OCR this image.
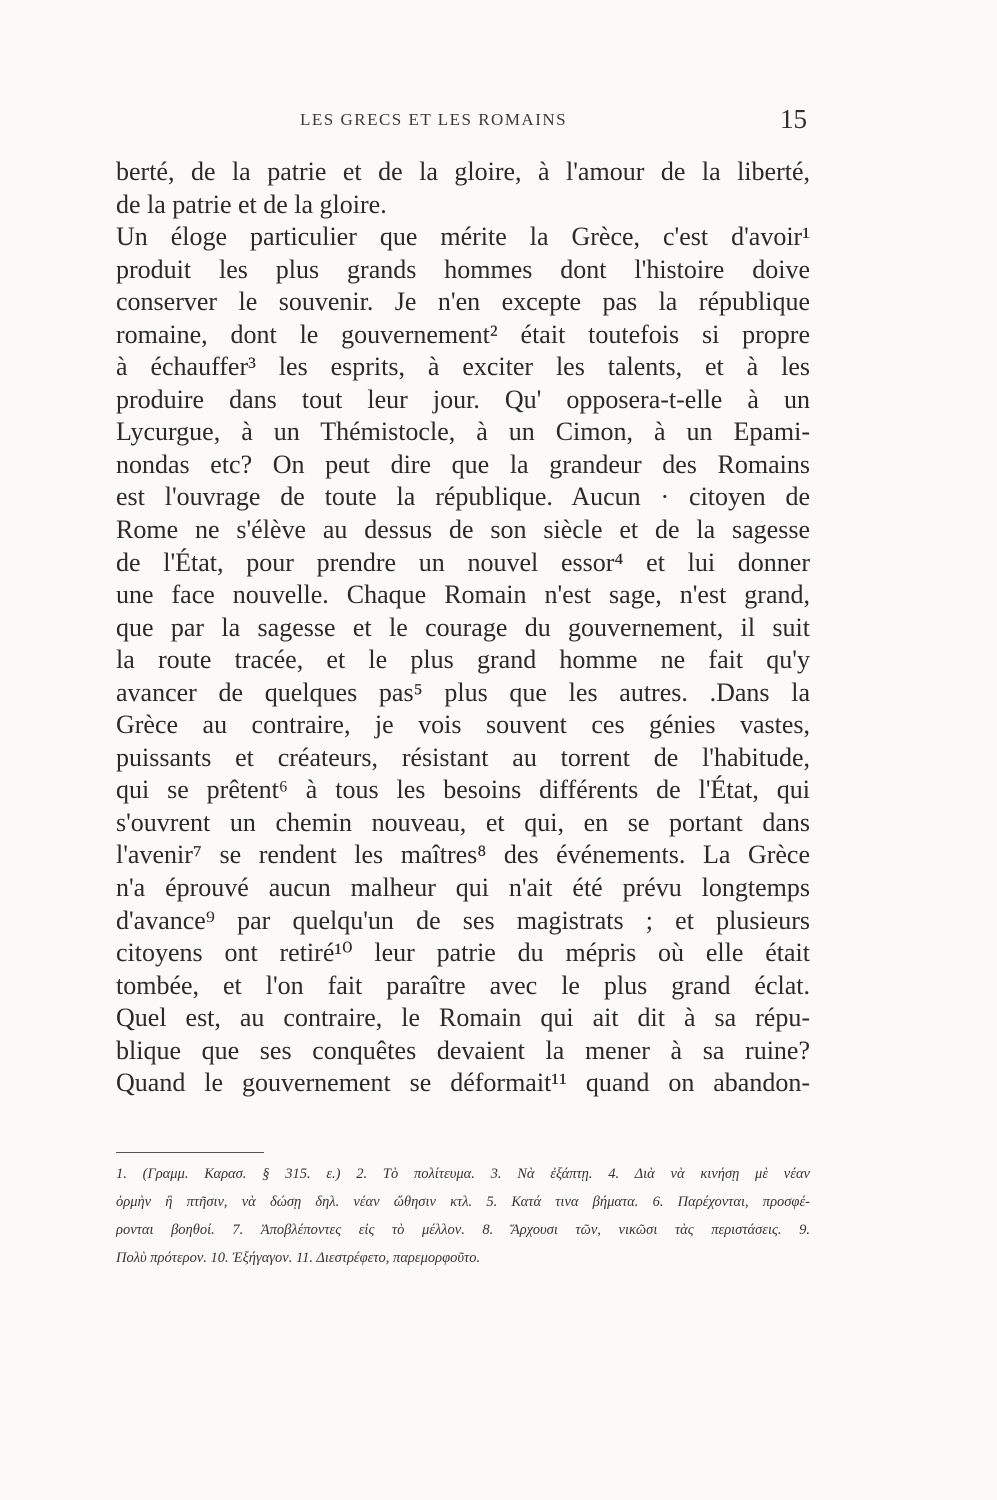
LES GRECS ET LES ROMAINS	15
berté, de la patrie et de la gloire, à l'amour de la liberté,
de la patrie et de la gloire.
Un éloge particulier que mérite la Grèce, c'est d'avoir¹
produit les plus grands hommes dont l'histoire doive
conserver le souvenir. Je n'en excepte pas la république
romaine, dont le gouvernement² était toutefois si propre
à échauffer³ les esprits, à exciter les talents, et à les
produire dans tout leur jour. Qu' opposera-t-elle à un
Lycurgue, à un Thémistocle, à un Cimon, à un Epami-
nondas etc? On peut dire que la grandeur des Romains
est l'ouvrage de toute la république. Aucun · citoyen de
Rome ne s'élève au dessus de son siècle et de la sagesse
de l'État, pour prendre un nouvel essor⁴ et lui donner
une face nouvelle. Chaque Romain n'est sage, n'est grand,
que par la sagesse et le courage du gouvernement, il suit
la route tracée, et le plus grand homme ne fait qu'y
avancer de quelques pas⁵ plus que les autres. .Dans la
Grèce au contraire, je vois souvent ces génies vastes,
puissants et créateurs, résistant au torrent de l'habitude,
qui se prêtent⁶ à tous les besoins différents de l'État, qui
s'ouvrent un chemin nouveau, et qui, en se portant dans
l'avenir⁷ se rendent les maîtres⁸ des événements. La Grèce
n'a éprouvé aucun malheur qui n'ait été prévu longtemps
d'avance⁹ par quelqu'un de ses magistrats ; et plusieurs
citoyens ont retiré¹⁰ leur patrie du mépris où elle était
tombée, et l'on fait paraître avec le plus grand éclat.
Quel est, au contraire, le Romain qui ait dit à sa répu-
blique que ses conquêtes devaient la mener à sa ruine?
Quand le gouvernement se déformait¹¹ quand on abandon-
1. (Γραμμ. Καρασ. § 315. ε.) 2. Τὸ πολίτευμα. 3. Νὰ ἐξάπτῃ. 4. Διὰ νὰ κινήσῃ μὲ νέαν
ὁρμὴν ἢ πτῆσιν, νὰ δώσῃ δηλ. νέαν ὤθησιν κτλ. 5. Κατά τινα βήματα. 6. Παρέχονται, προσφέ-
ρονται βοηθοί. 7. Ἀποβλέποντες εἰς τὸ μέλλον. 8. Ἄρχουσι τῶν, νικῶσι τὰς περιστάσεις. 9.
Πολὺ πρότερον. 10. Ἐξήγαγον. 11. Διεστρέφετο, παρεμορφοῦτο.
